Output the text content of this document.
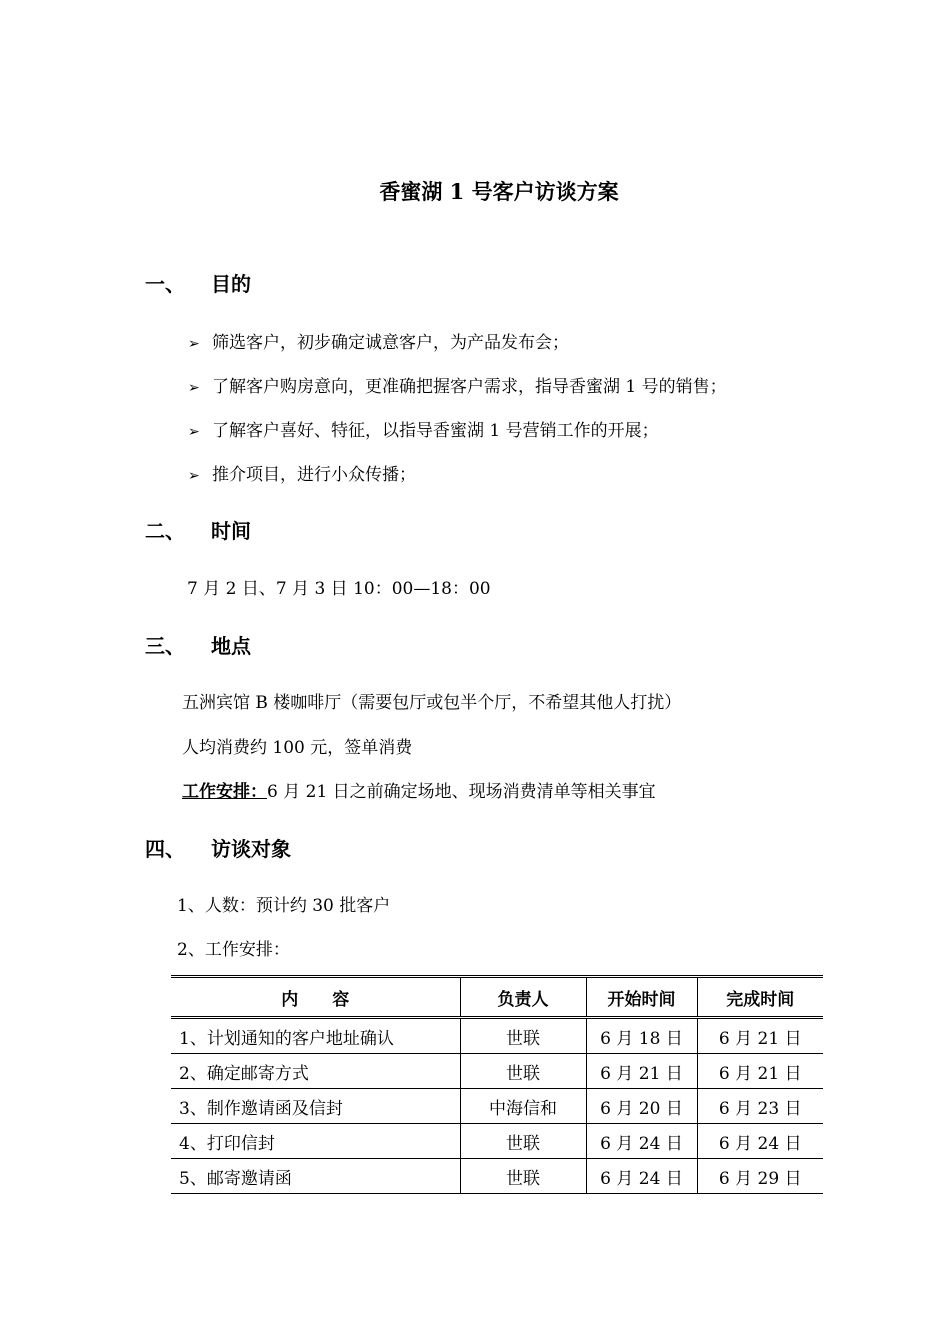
香蜜湖 1 号客户访谈方案
一、 目的
➢ 筛选客户，初步确定诚意客户，为产品发布会；
➢ 了解客户购房意向，更准确把握客户需求，指导香蜜湖 1 号的销售；
➢ 了解客户喜好、特征，以指导香蜜湖 1 号营销工作的开展；
➢ 推介项目，进行小众传播；
二、 时间
7 月 2 日、7 月 3 日 10：00—18：00
三、 地点
五洲宾馆 B 楼咖啡厅（需要包厅或包半个厅，不希望其他人打扰）
人均消费约 100 元，签单消费
工作安排：6 月 21 日之前确定场地、现场消费清单等相关事宜
四、 访谈对象
1、人数：预计约 30 批客户
2、工作安排：
内　　容	负责人	开始时间	完成时间
1、计划通知的客户地址确认	世联	6 月 18 日	6 月 21 日
2、确定邮寄方式	世联	6 月 21 日	6 月 21 日
3、制作邀请函及信封	中海信和	6 月 20 日	6 月 23 日
4、打印信封	世联	6 月 24 日	6 月 24 日
5、邮寄邀请函	世联	6 月 24 日	6 月 29 日
